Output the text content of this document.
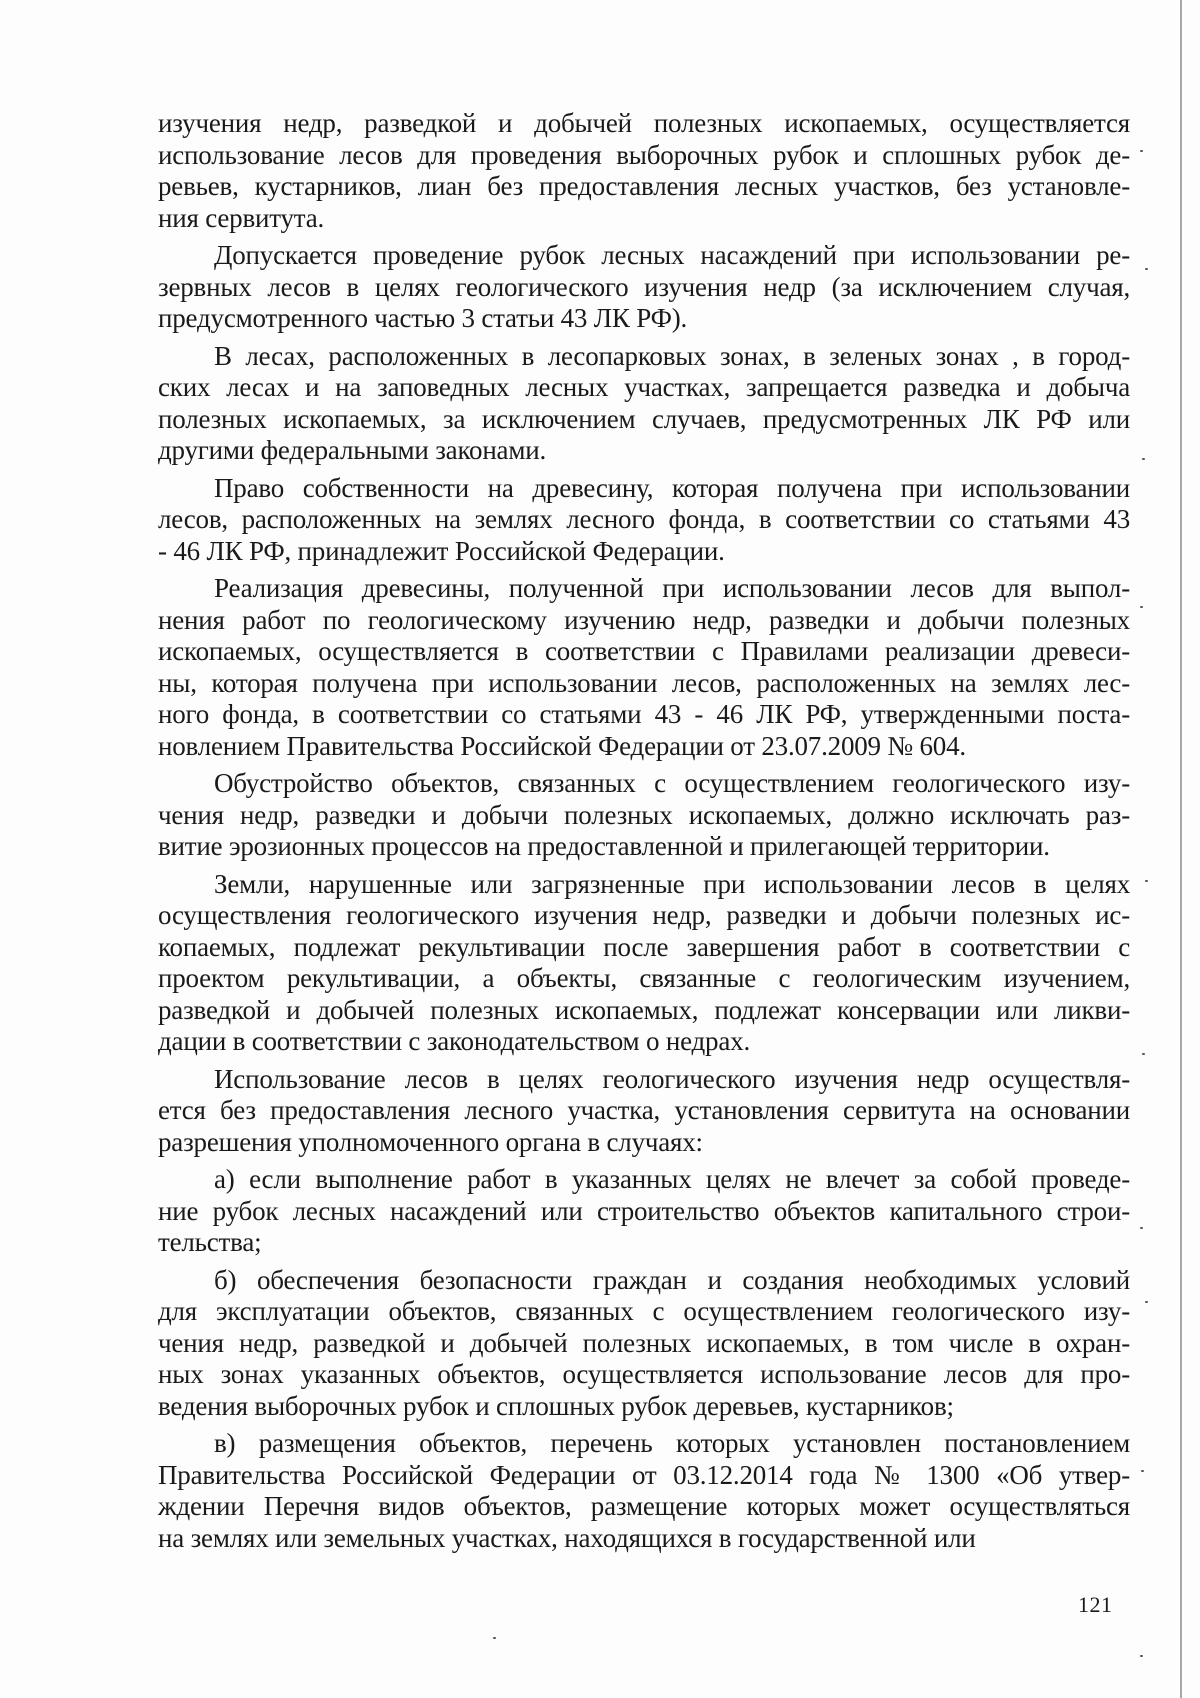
изучения недр, разведкой и добычей полезных ископаемых, осуществляется
использование лесов для проведения выборочных рубок и сплошных рубок де-
ревьев, кустарников, лиан без предоставления лесных участков, без установле-
ния сервитута.
Допускается проведение рубок лесных насаждений при использовании ре-
зервных лесов в целях геологического изучения недр (за исключением случая,
предусмотренного частью 3 статьи 43 ЛК РФ).
В лесах, расположенных в лесопарковых зонах, в зеленых зонах , в город-
ских лесах и на заповедных лесных участках, запрещается разведка и добыча
полезных ископаемых, за исключением случаев, предусмотренных ЛК РФ или
другими федеральными законами.
Право собственности на древесину, которая получена при использовании
лесов, расположенных на землях лесного фонда, в соответствии со статьями 43
- 46 ЛК РФ, принадлежит Российской Федерации.
Реализация древесины, полученной при использовании лесов для выпол-
нения работ по геологическому изучению недр, разведки и добычи полезных
ископаемых, осуществляется в соответствии с Правилами реализации древеси-
ны, которая получена при использовании лесов, расположенных на землях лес-
ного фонда, в соответствии со статьями 43 - 46 ЛК РФ, утвержденными поста-
новлением Правительства Российской Федерации от 23.07.2009 № 604.
Обустройство объектов, связанных с осуществлением геологического изу-
чения недр, разведки и добычи полезных ископаемых, должно исключать раз-
витие эрозионных процессов на предоставленной и прилегающей территории.
Земли, нарушенные или загрязненные при использовании лесов в целях
осуществления геологического изучения недр, разведки и добычи полезных ис-
копаемых, подлежат рекультивации после завершения работ в соответствии с
проектом рекультивации, а объекты, связанные с геологическим изучением,
разведкой и добычей полезных ископаемых, подлежат консервации или ликви-
дации в соответствии с законодательством о недрах.
Использование лесов в целях геологического изучения недр осуществля-
ется без предоставления лесного участка, установления сервитута на основании
разрешения уполномоченного органа в случаях:
а) если выполнение работ в указанных целях не влечет за собой проведе-
ние рубок лесных насаждений или строительство объектов капитального строи-
тельства;
б) обеспечения безопасности граждан и создания необходимых условий
для эксплуатации объектов, связанных с осуществлением геологического изу-
чения недр, разведкой и добычей полезных ископаемых, в том числе в охран-
ных зонах указанных объектов, осуществляется использование лесов для про-
ведения выборочных рубок и сплошных рубок деревьев, кустарников;
в) размещения объектов, перечень которых установлен постановлением
Правительства Российской Федерации от 03.12.2014 года № 1300 «Об утвер-
ждении Перечня видов объектов, размещение которых может осуществляться
на землях или земельных участках, находящихся в государственной или
121
